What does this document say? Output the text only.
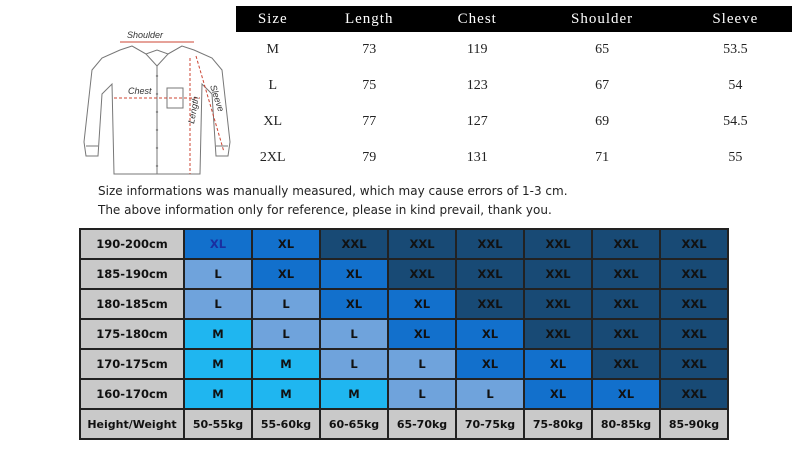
Shoulder
Chest	Sleeve
Length
Size	Length	Chest	Shoulder	Sleeve
M	73	119	65	53.5
L	75	123	67	54
XL	77	127	69	54.5
2XL	79	131	71	55
Size informations was manually measured, which may cause errors of 1-3 cm.
The above information only for reference, please in kind prevail, thank you.
190-200cm	XL	XL	XXL	XXL	XXL	XXL	XXL	XXL
185-190cm	L	XL	XL	XXL	XXL	XXL	XXL	XXL
180-185cm	L	L	XL	XL	XXL	XXL	XXL	XXL
175-180cm	M	L	L	XL	XL	XXL	XXL	XXL
170-175cm	M	M	L	L	XL	XL	XXL	XXL
160-170cm	M	M	M	L	L	XL	XL	XXL
Height/Weight	50-55kg	55-60kg	60-65kg	65-70kg	70-75kg	75-80kg	80-85kg	85-90kg
